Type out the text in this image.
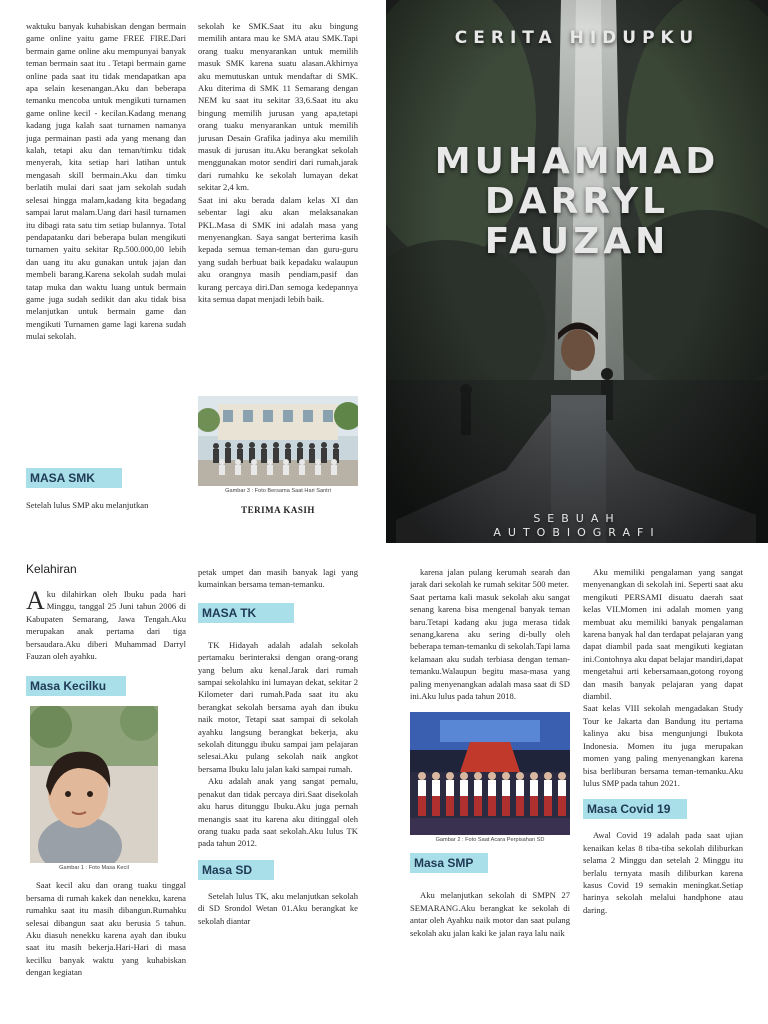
waktuku banyak kuhabiskan dengan bermain game online yaitu game FREE FIRE.Dari bermain game online aku mempunyai banyak teman bermain saat itu . Tetapi bermain game online pada saat itu tidak mendapatkan apa apa selain kesenangan.Aku dan beberapa temanku mencoba untuk mengikuti turnamen game online kecil - kecilan.Kadang menang kadang juga kalah saat turnamen namanya juga permainan pasti ada yang menang dan kalah, tetapi aku dan teman/timku tidak menyerah, kita setiap hari latihan untuk mengasah skill bermain.Aku dan timku berlatih mulai dari saat jam sekolah sudah selesai hingga malam,kadang kita begadang sampai larut malam.Uang dari hasil turnamen itu dibagi rata satu tim setiap bulannya. Total pendapatanku dari beberapa bulan mengikuti turnamen yaitu sekitar Rp.500.000,00 lebih dan uang itu aku gunakan untuk jajan dan membeli barang.Karena sekolah sudah mulai tatap muka dan waktu luang untuk bermain game juga sudah sedikit dan aku tidak bisa melanjutkan untuk bermain game dan mengikuti Turnamen game lagi karena sudah mulai sekolah.

MASA SMK
Setelah lulus SMP aku melanjutkan

sekolah ke SMK.Saat itu aku bingung memilih antara mau ke SMA atau SMK.Tapi orang tuaku menyarankan untuk memilih masuk SMK karena suatu alasan.Akhirnya aku memutuskan untuk mendaftar di SMK. Aku diterima di SMK 11 Semarang dengan NEM ku saat itu sekitar 33,6.Saat itu aku bingung memilih jurusan yang apa,tetapi orang tuaku menyarankan untuk memilih jurusan Desain Grafika jadinya aku memilih masuk di jurusan itu.Aku berangkat sekolah menggunakan motor sendiri dari rumah,jarak dari rumahku ke sekolah lumayan dekat sekitar 2,4 km.

Saat ini aku berada dalam kelas XI dan sebentar lagi aku akan melaksanakan PKL.Masa di SMK ini adalah masa yang menyenangkan. Saya sangat berterima kasih kepada semua teman-teman dan guru-guru yang sudah berbuat baik kepadaku walaupun aku orangnya masih pendiam,pasif dan kurang percaya diri.Dan semoga kedepannya kita semua dapat menjadi lebih baik.

Gambar 3 : Foto Bersama Saat Hari Santri
TERIMA KASIH
CERITA HIDUPKU
MUHAMMAD
DARRYL
FAUZAN
SEBUAH
AUTOBIOGRAFI
Kelahiran
A ku dilahirkan oleh Ibuku pada hari Minggu, tanggal 25 Juni tahun 2006 di Kabupaten Semarang, Jawa Tengah.Aku merupakan anak pertama dari tiga bersaudara.Aku diberi Muhammad Darryl Fauzan oleh ayahku.
Masa Kecilku
Gambar 1 : Foto Masa Kecil

Saat kecil aku dan orang tuaku tinggal bersama di rumah kakek dan nenekku, karena rumahku saat itu masih dibangun.Rumahku selesai dibangun saat aku berusia 5 tahun. Aku diasuh nenekku karena ayah dan ibuku saat itu masih bekerja.Hari-Hari di masa kecilku banyak waktu yang kuhabiskan dengan kegiatan

petak umpet dan masih banyak lagi yang kumainkan bersama teman-temanku.
MASA TK

TK Hidayah adalah adalah sekolah pertamaku berinteraksi dengan orang-orang yang belum aku kenal.Jarak dari rumah sampai sekolahku ini lumayan dekat, sekitar 2 Kilometer dari rumah.Pada saat itu aku berangkat sekolah bersama ayah dan ibuku naik motor, Tetapi saat sampai di sekolah ayahku langsung berangkat bekerja, aku sekolah ditunggu ibuku sampai jam pelajaran selesai.Aku pulang sekolah naik angkot bersama Ibuku lalu jalan kaki sampai rumah.

Aku adalah anak yang sangat pemalu, penakut dan tidak percaya diri.Saat disekolah aku harus ditunggu Ibuku.Aku juga pernah menangis saat itu karena aku ditinggal oleh orang tuaku pada saat sekolah.Aku lulus TK pada tahun 2012.

Masa SD

Setelah lulus TK, aku melanjutkan sekolah di SD Srondol Wetan 01.Aku berangkat ke sekolah diantar

karena jalan pulang kerumah searah dan jarak dari sekolah ke rumah sekitar 500 meter.

Saat pertama kali masuk sekolah aku sangat senang karena bisa mengenal banyak teman baru.Tetapi kadang aku juga merasa tidak senang,karena aku sering di-bully oleh beberapa teman-temanku di sekolah.Tapi lama kelamaan aku sudah terbiasa dengan teman-temanku.Walaupun begitu masa-masa yang paling menyenangkan adalah masa saat di SD ini.Aku lulus pada tahun 2018.

Gambar 2 : Foto Saat Acara Perpisahan SD
Masa SMP

Aku melanjutkan sekolah di SMPN 27 SEMARANG.Aku berangkat ke sekolah di antar oleh Ayahku naik motor dan saat pulang sekolah aku jalan kaki ke jalan raya lalu naik

Aku memiliki pengalaman yang sangat menyenangkan di sekolah ini. Seperti saat aku mengikuti PERSAMI disuatu daerah saat kelas VII.Momen ini adalah momen yang membuat aku memiliki banyak pengalaman karena banyak hal dan terdapat pelajaran yang dapat diambil pada saat mengikuti kegiatan ini.Contohnya aku dapat belajar mandiri,dapat mengetahui arti kebersamaan,gotong royong dan masih banyak pelajaran yang dapat diambil.

Saat kelas VIII sekolah mengadakan Study Tour ke Jakarta dan Bandung itu pertama kalinya aku bisa mengunjungi Ibukota Indonesia. Momen itu juga merupakan momen yang paling menyenangkan karena bisa berliburan bersama teman-temanku.Aku lulus SMP pada tahun 2021.

Masa Covid 19

Awal Covid 19 adalah pada saat ujian kenaikan kelas 8 tiba-tiba sekolah diliburkan selama 2 Minggu dan setelah 2 Minggu itu berlalu ternyata masih diliburkan karena kasus Covid 19 semakin meningkat.Setiap harinya sekolah melalui handphone atau daring.
